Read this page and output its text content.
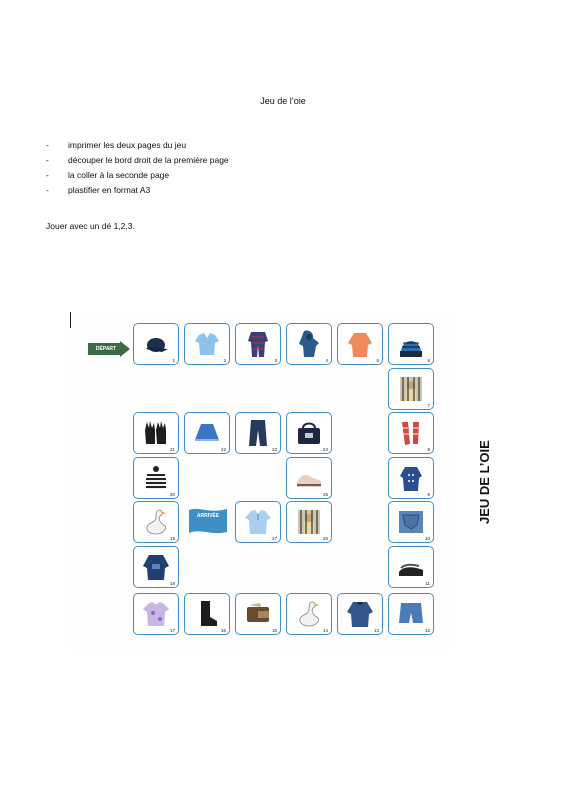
Jeu de l’oie
- imprimer les deux pages du jeu
- découper le bord droit de la première page
- la coller à la seconde page
- plastifier en format A3
Jouer avec un dé 1,2,3.
1	2	3	4	5	6
7
8
9
10
11
12
13
14
15
16
17
18
19
20
21	22	23	24
25
26
27
DÉPART
ARRIVÉE	JEU DE L’OIE
